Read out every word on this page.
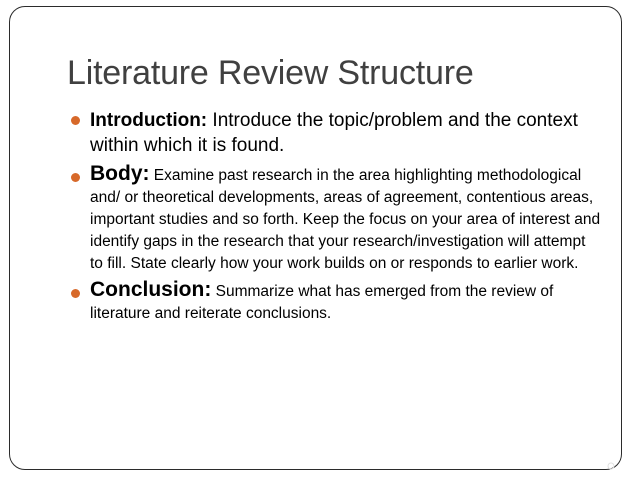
Literature Review Structure
Introduction: Introduce the topic/problem and the context within which it is found.
Body: Examine past research in the area highlighting methodological and/ or theoretical developments, areas of agreement, contentious areas, important studies and so forth. Keep the focus on your area of interest and identify gaps in the research that your research/investigation will attempt to fill. State clearly how your work builds on or responds to earlier work.
Conclusion: Summarize what has emerged from the review of literature and reiterate conclusions.
